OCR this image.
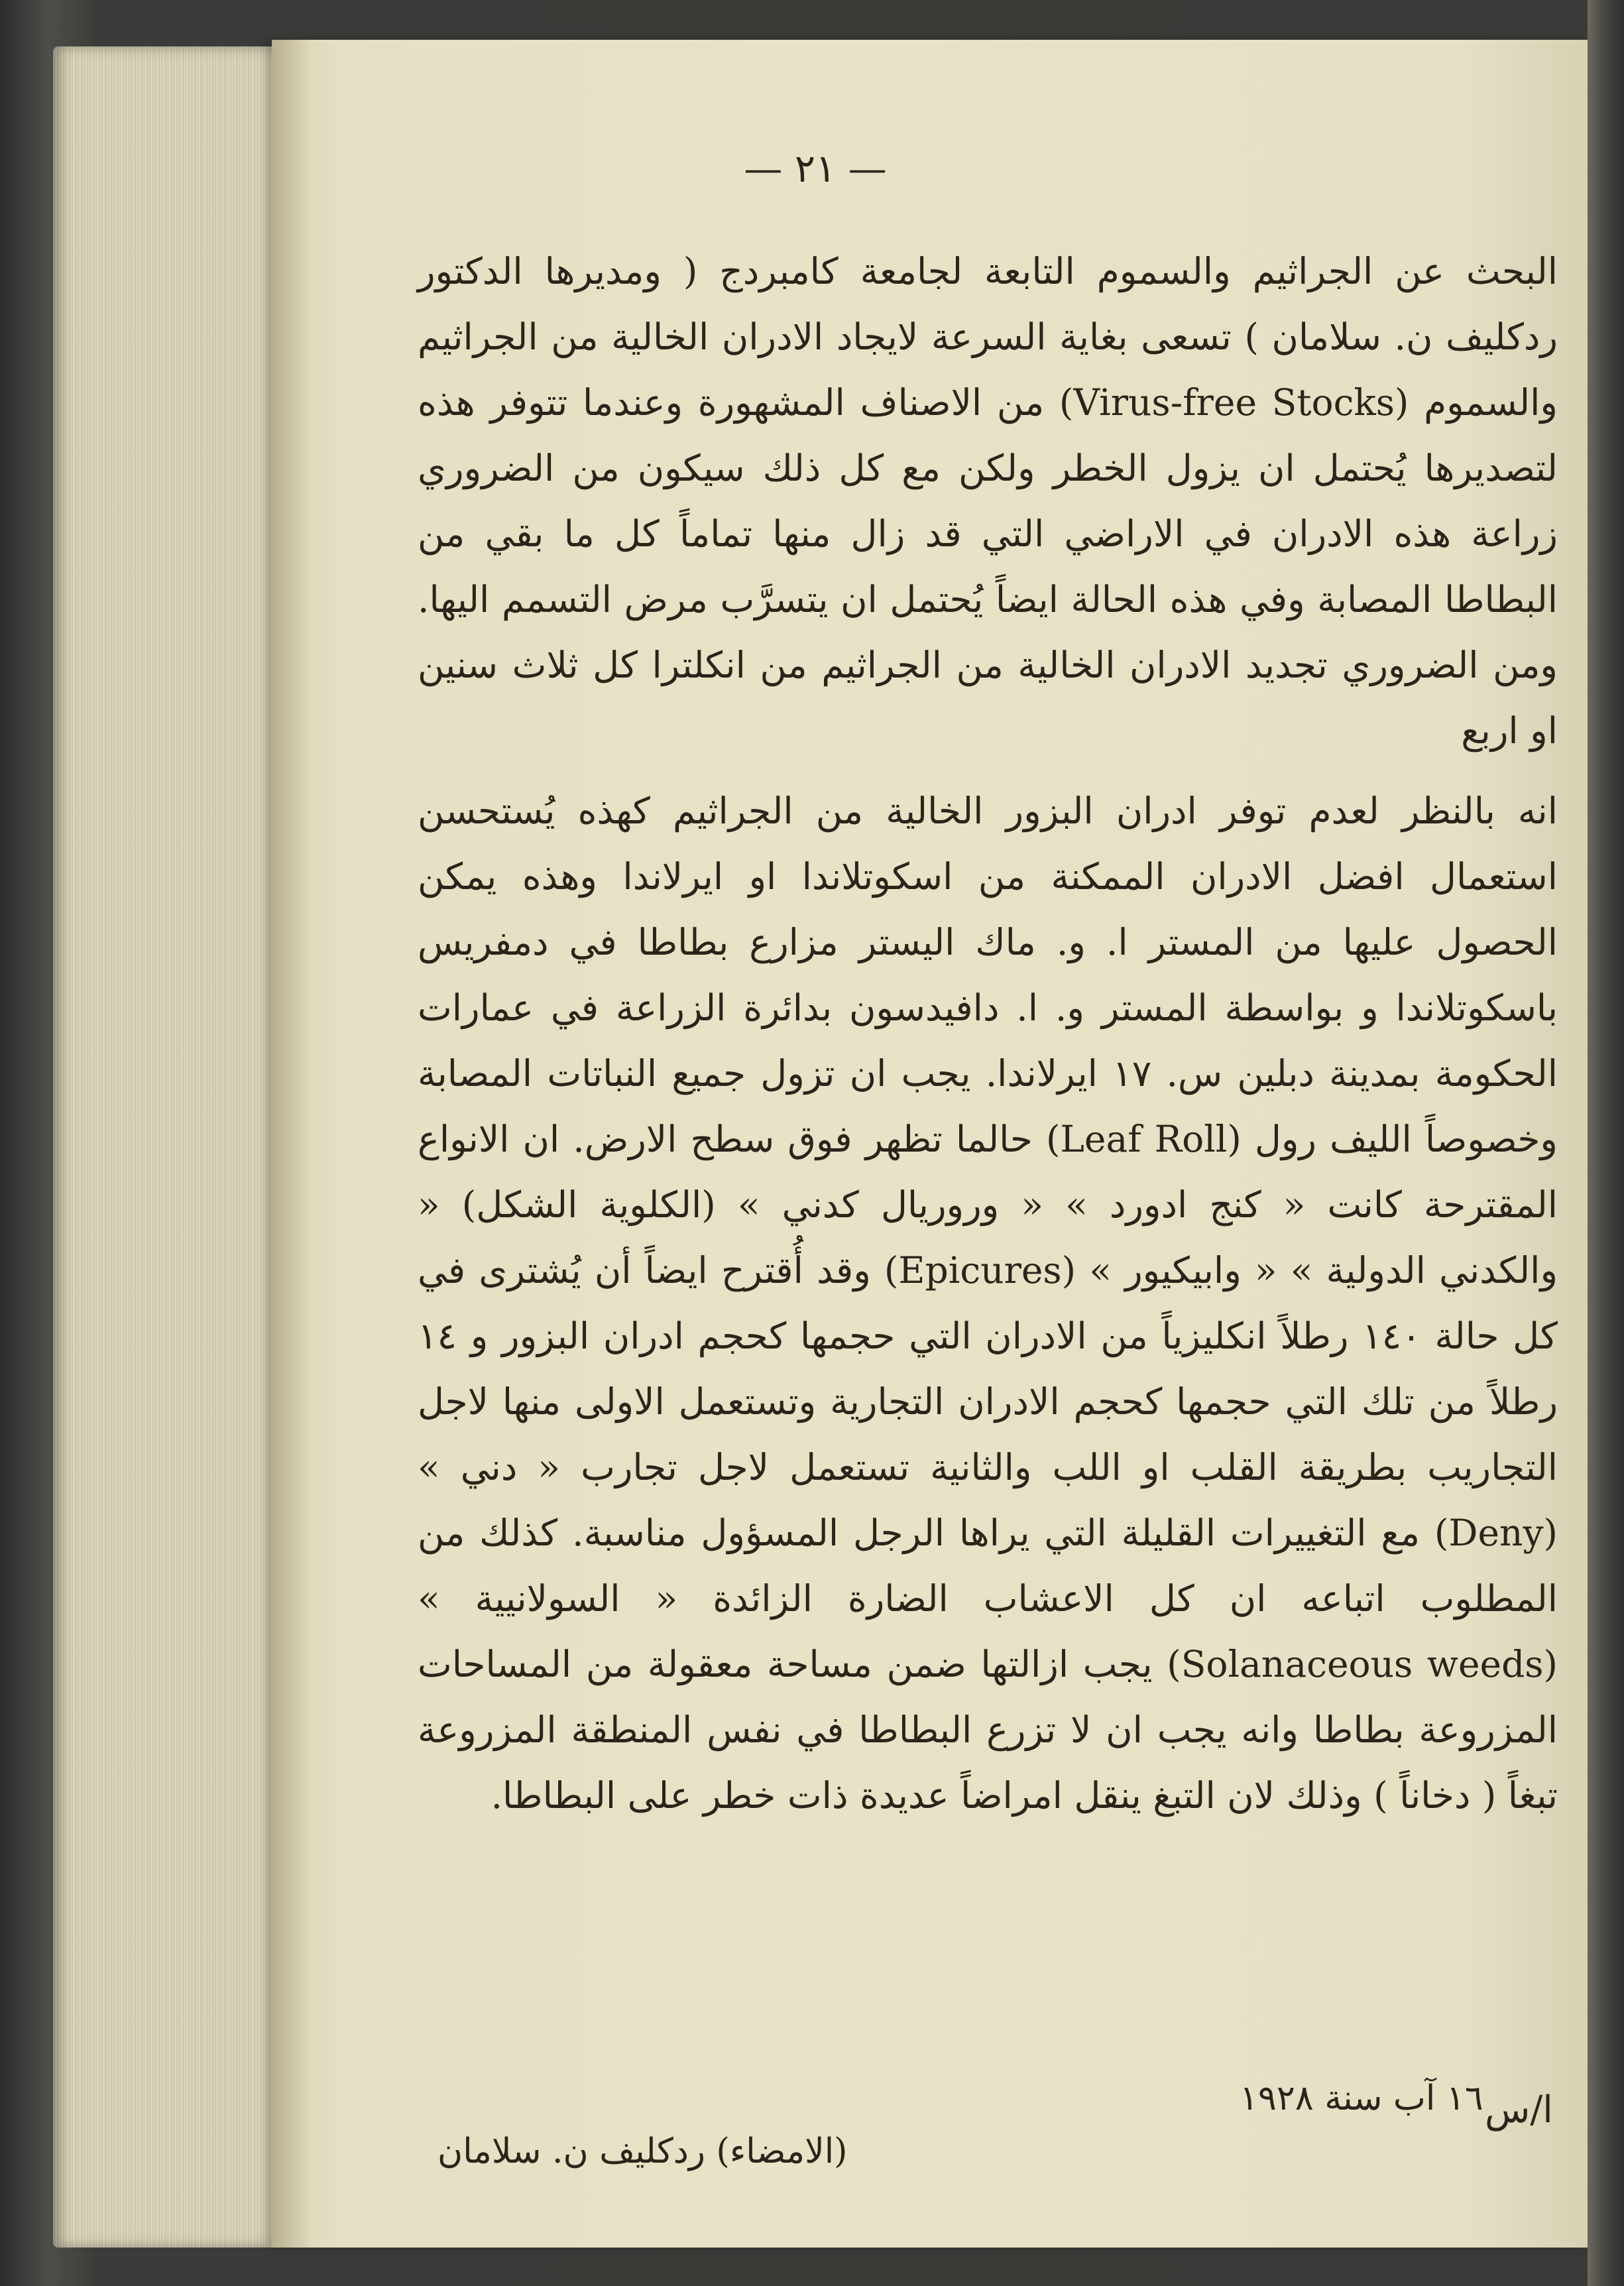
— ٢١ —

البحث عن الجراثيم والسموم التابعة لجامعة كامبردج ( ومديرها الدكتور ردكليف ن. سلامان ) تسعى بغاية السرعة لايجاد الادران الخالية من الجراثيم والسموم (Virus-free Stocks) من الاصناف المشهورة وعندما تتوفر هذه لتصديرها يُحتمل ان يزول الخطر ولكن مع كل ذلك سيكون من الضروري زراعة هذه الادران في الاراضي التي قد زال منها تماماً كل ما بقي من البطاطا المصابة وفي هذه الحالة ايضاً يُحتمل ان يتسرَّب مرض التسمم اليها. ومن الضروري تجديد الادران الخالية من الجراثيم من انكلترا كل ثلاث سنين او اربع

انه بالنظر لعدم توفر ادران البزور الخالية من الجراثيم كهذه يُستحسن استعمال افضل الادران الممكنة من اسكوتلاندا او ايرلاندا وهذه يمكن الحصول عليها من المستر ا. و. ماك اليستر مزارع بطاطا في دمفريس باسكوتلاندا و بواسطة المستر و. ا. دافيدسون بدائرة الزراعة في عمارات الحكومة بمدينة دبلين س. ١٧ ايرلاندا. يجب ان تزول جميع النباتات المصابة وخصوصاً الليف رول (Leaf Roll) حالما تظهر فوق سطح الارض. ان الانواع المقترحة كانت « كنج ادورد » « وروريال كدني » (الكلوية الشكل) « والكدني الدولية » « وابيكيور » (Epicures) وقد أُقترح ايضاً أن يُشترى في كل حالة ١٤٠ رطلاً انكليزياً من الادران التي حجمها كحجم ادران البزور و ١٤ رطلاً من تلك التي حجمها كحجم الادران التجارية وتستعمل الاولى منها لاجل التجاريب بطريقة القلب او اللب والثانية تستعمل لاجل تجارب « دني » (Deny) مع التغييرات القليلة التي يراها الرجل المسؤول مناسبة. كذلك من المطلوب اتباعه ان كل الاعشاب الضارة الزائدة « السولانيية » (Solanaceous weeds) يجب ازالتها ضمن مساحة معقولة من المساحات المزروعة بطاطا وانه يجب ان لا تزرع البطاطا في نفس المنطقة المزروعة تبغاً ( دخاناً ) وذلك لان التبغ ينقل امراضاً عديدة ذات خطر على البطاطا.

١٦ آب سنة ١٩٢٨
(الامضاء) ردكليف ن. سلامان
ا/س
